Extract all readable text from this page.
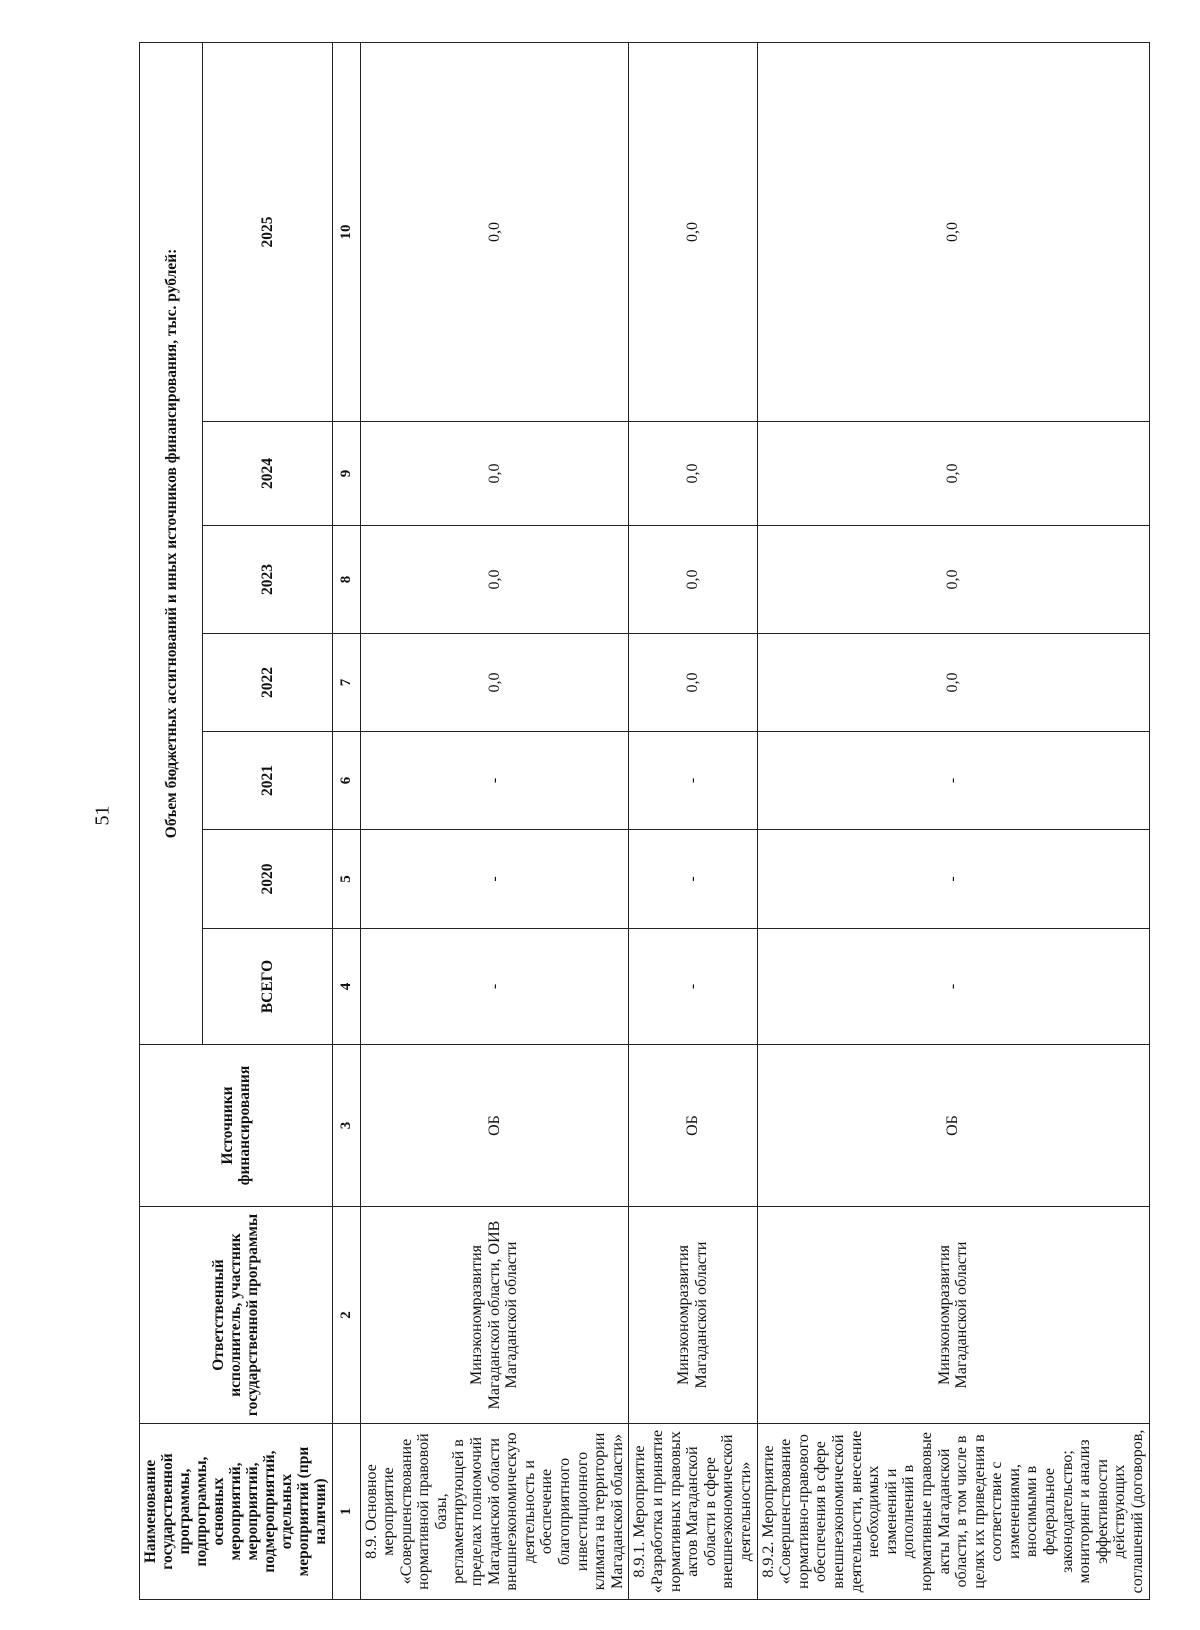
51
Наименование государственной программы, подпрограммы, основных мероприятий, мероприятий, подмероприятий, отдельных мероприятий (при наличии)	Ответственный исполнитель, участник государственной программы	Источники финансирования	Объем бюджетных ассигнований и иных источников финансирования, тыс. рублей:						
			ВСЕГО	2020	2021	2022	2023	2024	2025
1	2	3	4	5	6	7	8	9	10
8.9. Основное мероприятие «Совершенствование нормативной правовой базы, регламентирующей в пределах полномочий Магаданской области внешнеэкономическую деятельность и обеспечение благоприятного инвестиционного климата на территории Магаданской области»	Минэкономразвития Магаданской области, ОИВ Магаданской области	ОБ	-	-	-	0,0	0,0	0,0	0,0
8.9.1. Мероприятие «Разработка и принятие нормативных правовых актов Магаданской области в сфере внешнеэкономической деятельности»	Минэкономразвития Магаданской области	ОБ	-	-	-	0,0	0,0	0,0	0,0
8.9.2. Мероприятие «Совершенствование нормативно-правового обеспечения в сфере внешнеэкономической деятельности, внесение необходимых изменений и дополнений в нормативные правовые акты Магаданской области, в том числе в целях их приведения в соответствие с изменениями, вносимыми в федеральное законодательство; мониторинг и анализ эффективности действующих соглашений (договоров,	Минэкономразвития Магаданской области	ОБ	-	-	-	0,0	0,0	0,0	0,0
